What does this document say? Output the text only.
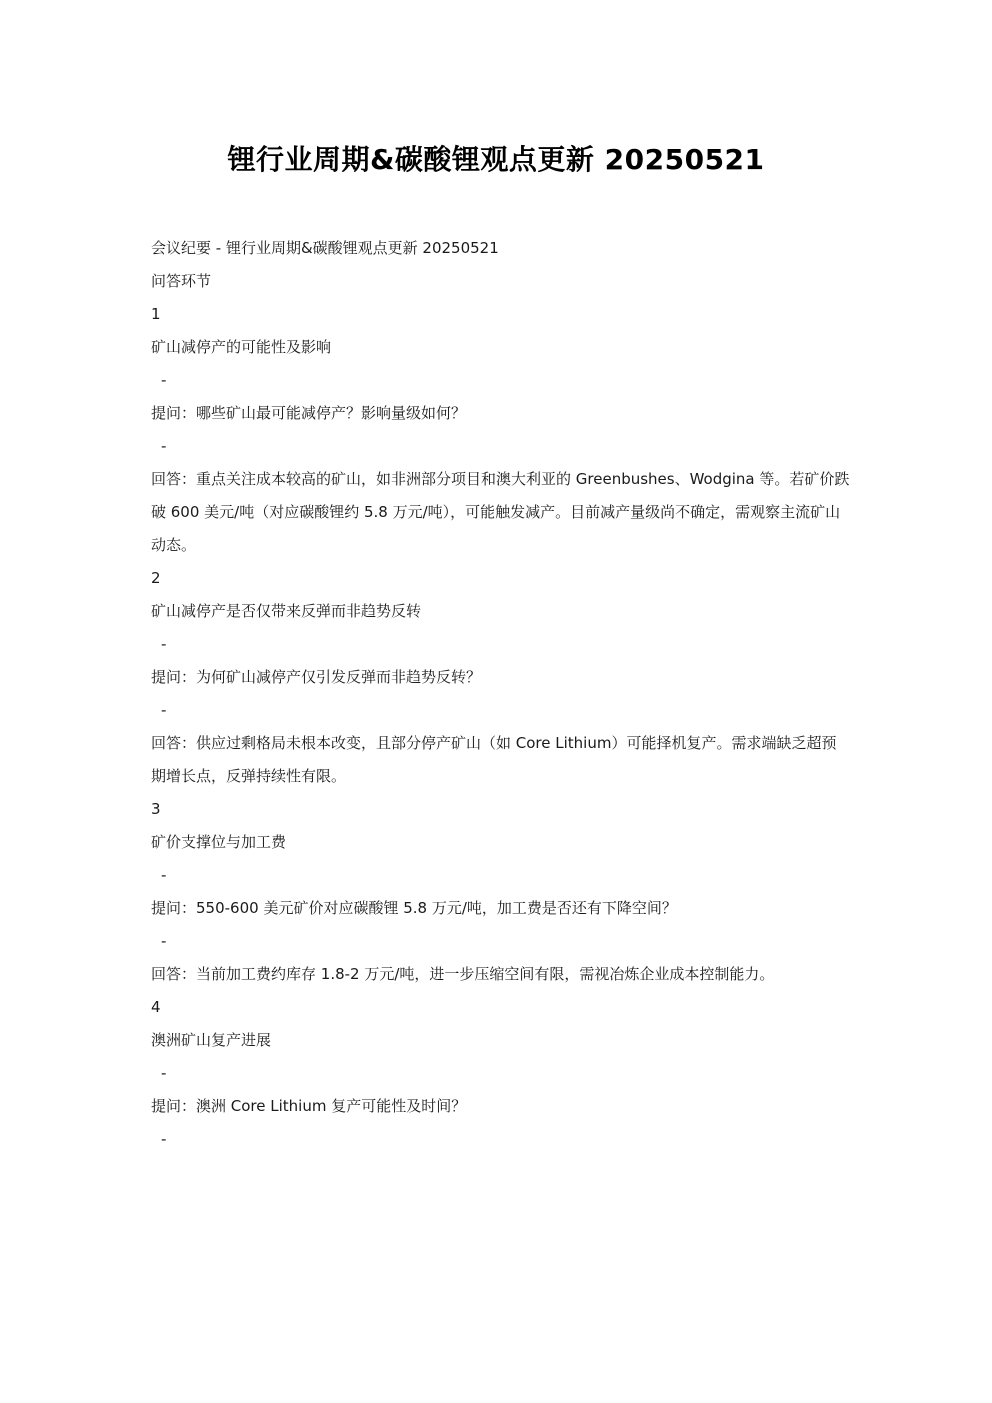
锂行业周期&碳酸锂观点更新 20250521

会议纪要 - 锂行业周期&碳酸锂观点更新 20250521

问答环节

1

矿山减停产的可能性及影响

-

提问：哪些矿山最可能减停产？影响量级如何？

-

回答：重点关注成本较高的矿山，如非洲部分项目和澳大利亚的 Greenbushes、Wodgina 等。若矿价跌破 600 美元/吨（对应碳酸锂约 5.8 万元/吨），可能触发减产。目前减产量级尚不确定，需观察主流矿山动态。

2

矿山减停产是否仅带来反弹而非趋势反转

-

提问：为何矿山减停产仅引发反弹而非趋势反转？

-

回答：供应过剩格局未根本改变，且部分停产矿山（如 Core Lithium）可能择机复产。需求端缺乏超预期增长点，反弹持续性有限。

3

矿价支撑位与加工费

-

提问：550-600 美元矿价对应碳酸锂 5.8 万元/吨，加工费是否还有下降空间？

-

回答：当前加工费约库存 1.8-2 万元/吨，进一步压缩空间有限，需视冶炼企业成本控制能力。

4

澳洲矿山复产进展

-

提问：澳洲 Core Lithium 复产可能性及时间？

-
